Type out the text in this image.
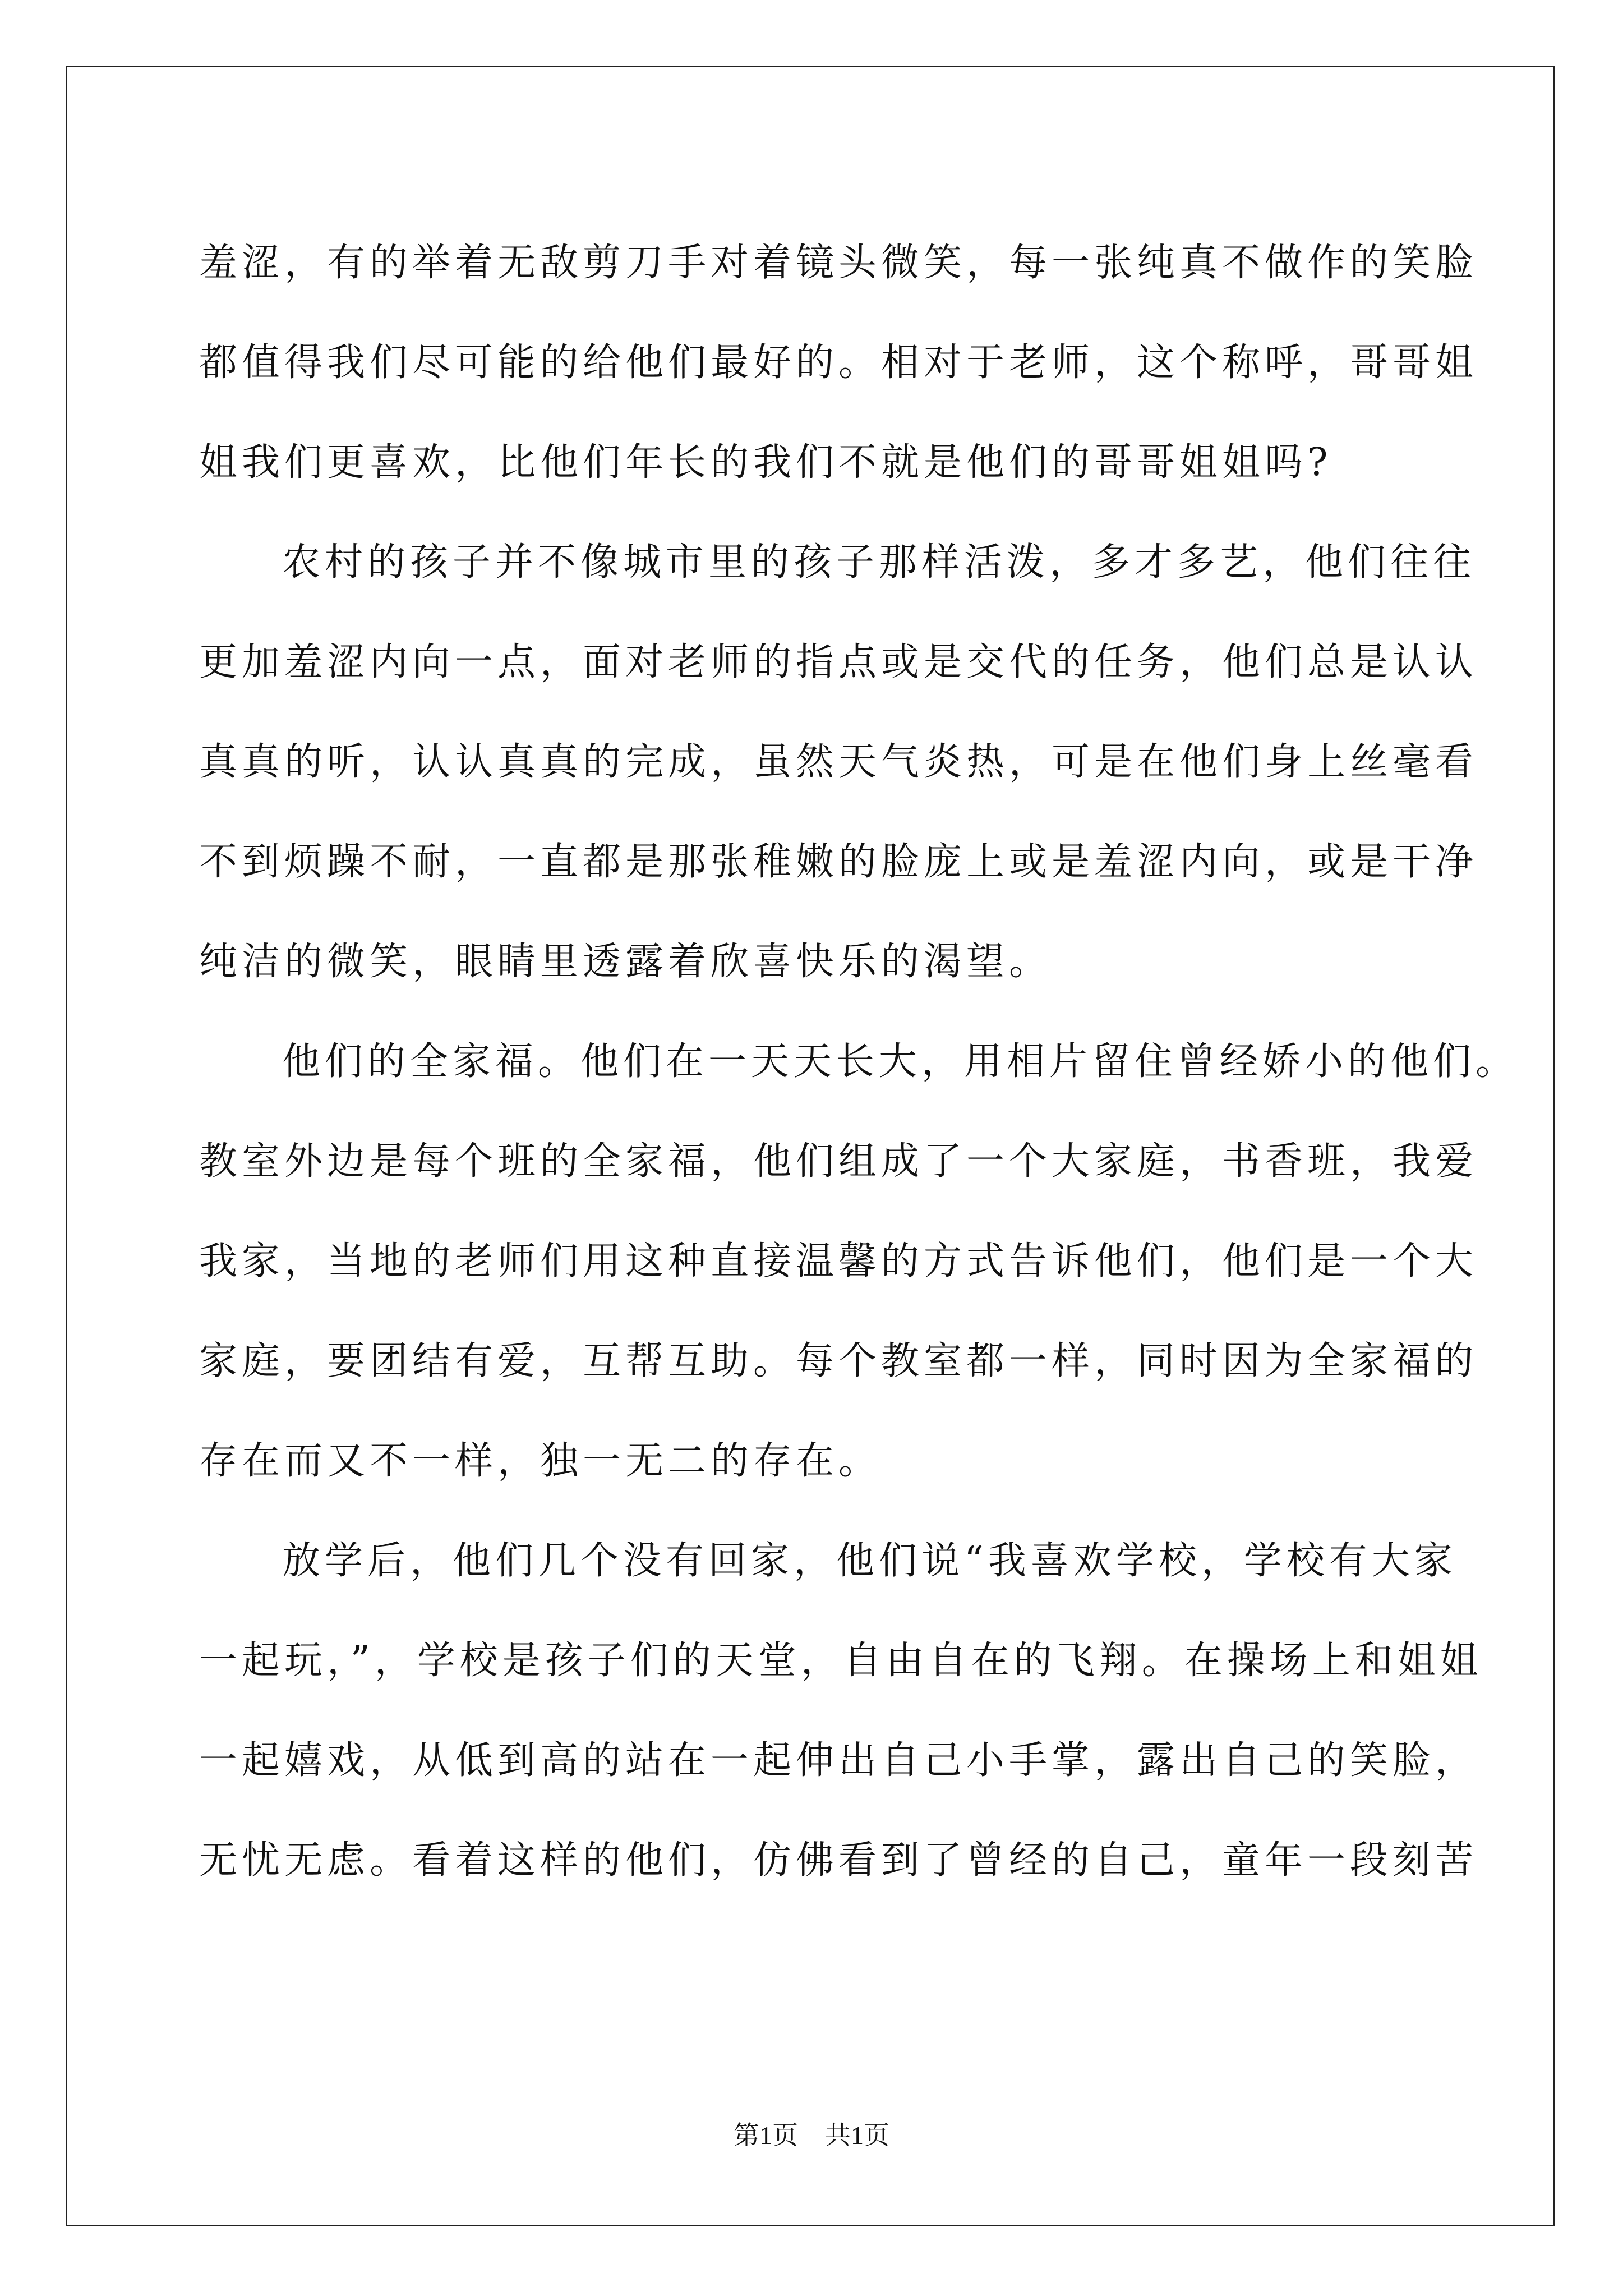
羞涩，有的举着无敌剪刀手对着镜头微笑，每一张纯真不做作的笑脸
都值得我们尽可能的给他们最好的。相对于老师，这个称呼，哥哥姐
姐我们更喜欢，比他们年长的我们不就是他们的哥哥姐姐吗?
农村的孩子并不像城市里的孩子那样活泼，多才多艺，他们往往
更加羞涩内向一点，面对老师的指点或是交代的任务，他们总是认认
真真的听，认认真真的完成，虽然天气炎热，可是在他们身上丝毫看
不到烦躁不耐，一直都是那张稚嫩的脸庞上或是羞涩内向，或是干净
纯洁的微笑，眼睛里透露着欣喜快乐的渴望。
他们的全家福。他们在一天天长大，用相片留住曾经娇小的他们。
教室外边是每个班的全家福，他们组成了一个大家庭，书香班，我爱
我家，当地的老师们用这种直接温馨的方式告诉他们，他们是一个大
家庭，要团结有爱，互帮互助。每个教室都一样，同时因为全家福的
存在而又不一样，独一无二的存在。
放学后，他们几个没有回家，他们说“我喜欢学校，学校有大家
一起玩，”，学校是孩子们的天堂，自由自在的飞翔。在操场上和姐姐
一起嬉戏，从低到高的站在一起伸出自己小手掌，露出自己的笑脸，
无忧无虑。看着这样的他们，仿佛看到了曾经的自己，童年一段刻苦
第1页 共1页
